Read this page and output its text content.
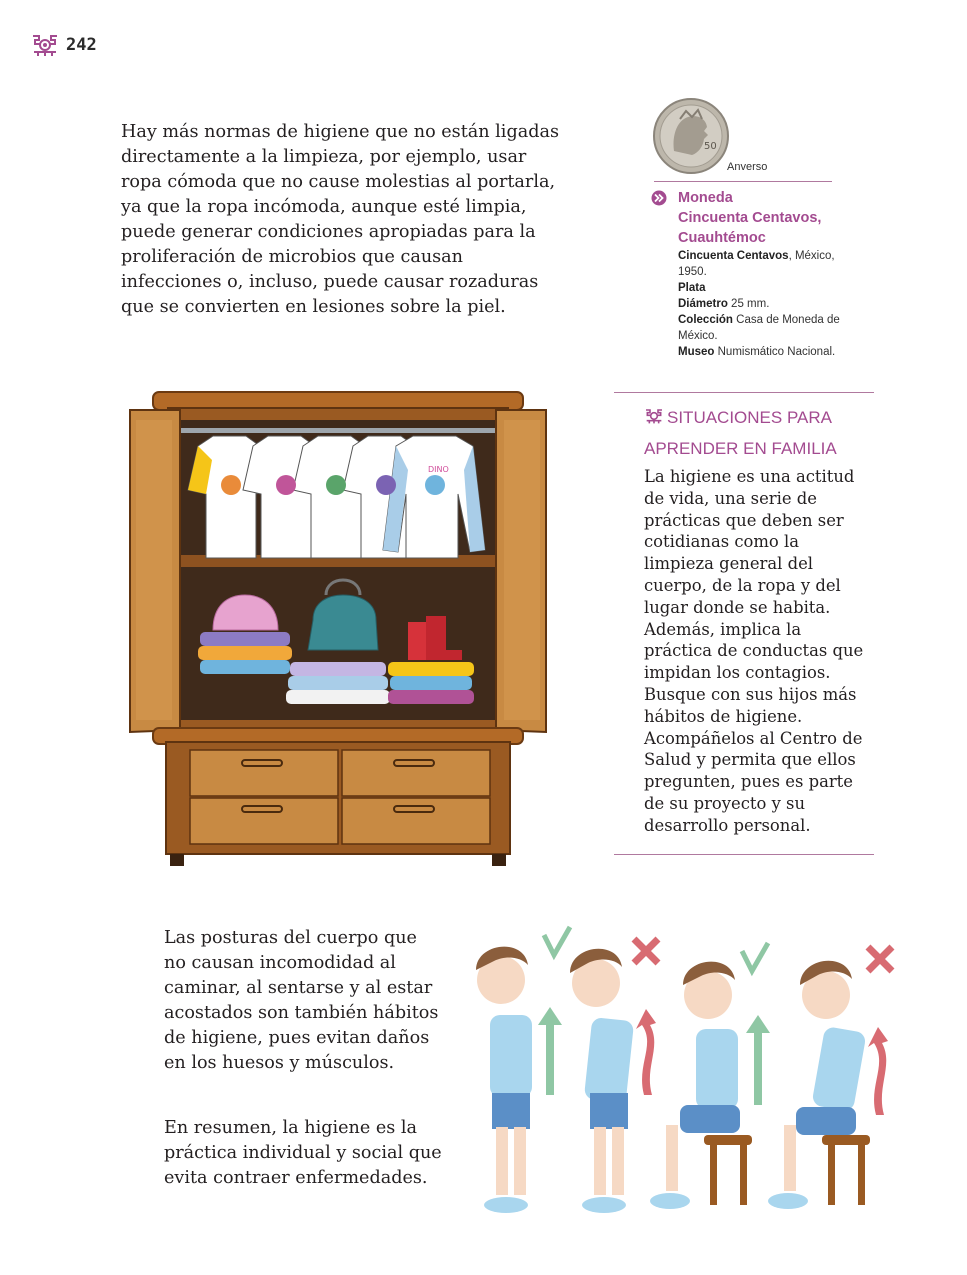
242
Hay más normas de higiene que no están ligadas directamente a la limpieza, por ejemplo, usar ropa cómoda que no cause molestias al portarla, ya que la ropa incómoda, aunque esté limpia, puede generar condiciones apropiadas para la proliferación de microbios que causan infecciones o, incluso, puede causar rozaduras que se convierten en lesiones sobre la piel.
50
Anverso
Moneda
Cincuenta Centavos,
Cuauhtémoc
Cincuenta Centavos, México, 1950.
Plata
Diámetro 25 mm.
Colección Casa de Moneda de México.
Museo Numismático Nacional.
SITUACIONES PARA
APRENDER EN FAMILIA
La higiene es una actitud de vida, una serie de prácticas que deben ser cotidianas como la limpieza general del cuerpo, de la ropa y del lugar donde se habita. Además, implica la práctica de conductas que impidan los contagios. Busque con sus hijos más hábitos de higiene. Acompáñelos al Centro de Salud y permita que ellos pregunten, pues es parte de su proyecto y su desarrollo personal.
DINO
Las posturas del cuerpo que no causan incomodidad al caminar, al sentarse y al estar acostados son también hábitos de higiene, pues evitan daños en los huesos y músculos.
En resumen, la higiene es la práctica individual y social que evita contraer enfermedades.
